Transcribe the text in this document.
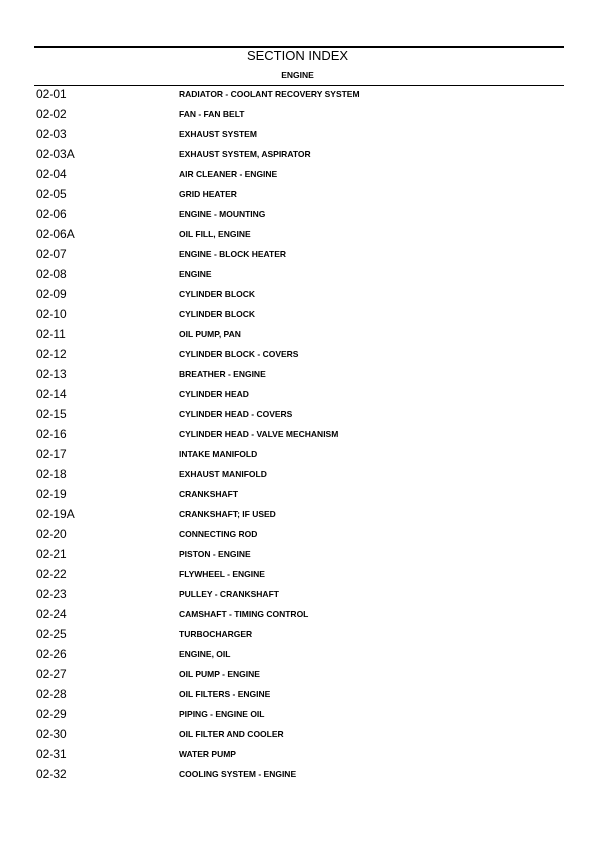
SECTION INDEX
ENGINE
02-01	RADIATOR - COOLANT RECOVERY SYSTEM
02-02	FAN - FAN BELT
02-03	EXHAUST SYSTEM
02-03A	EXHAUST SYSTEM, ASPIRATOR
02-04	AIR CLEANER - ENGINE
02-05	GRID HEATER
02-06	ENGINE - MOUNTING
02-06A	OIL FILL, ENGINE
02-07	ENGINE - BLOCK HEATER
02-08	ENGINE
02-09	CYLINDER BLOCK
02-10	CYLINDER BLOCK
02-11	OIL PUMP, PAN
02-12	CYLINDER BLOCK - COVERS
02-13	BREATHER - ENGINE
02-14	CYLINDER HEAD
02-15	CYLINDER HEAD - COVERS
02-16	CYLINDER HEAD - VALVE MECHANISM
02-17	INTAKE MANIFOLD
02-18	EXHAUST MANIFOLD
02-19	CRANKSHAFT
02-19A	CRANKSHAFT; IF USED
02-20	CONNECTING ROD
02-21	PISTON - ENGINE
02-22	FLYWHEEL - ENGINE
02-23	PULLEY - CRANKSHAFT
02-24	CAMSHAFT - TIMING CONTROL
02-25	TURBOCHARGER
02-26	ENGINE, OIL
02-27	OIL PUMP - ENGINE
02-28	OIL FILTERS - ENGINE
02-29	PIPING - ENGINE OIL
02-30	OIL FILTER AND COOLER
02-31	WATER PUMP
02-32	COOLING SYSTEM - ENGINE
